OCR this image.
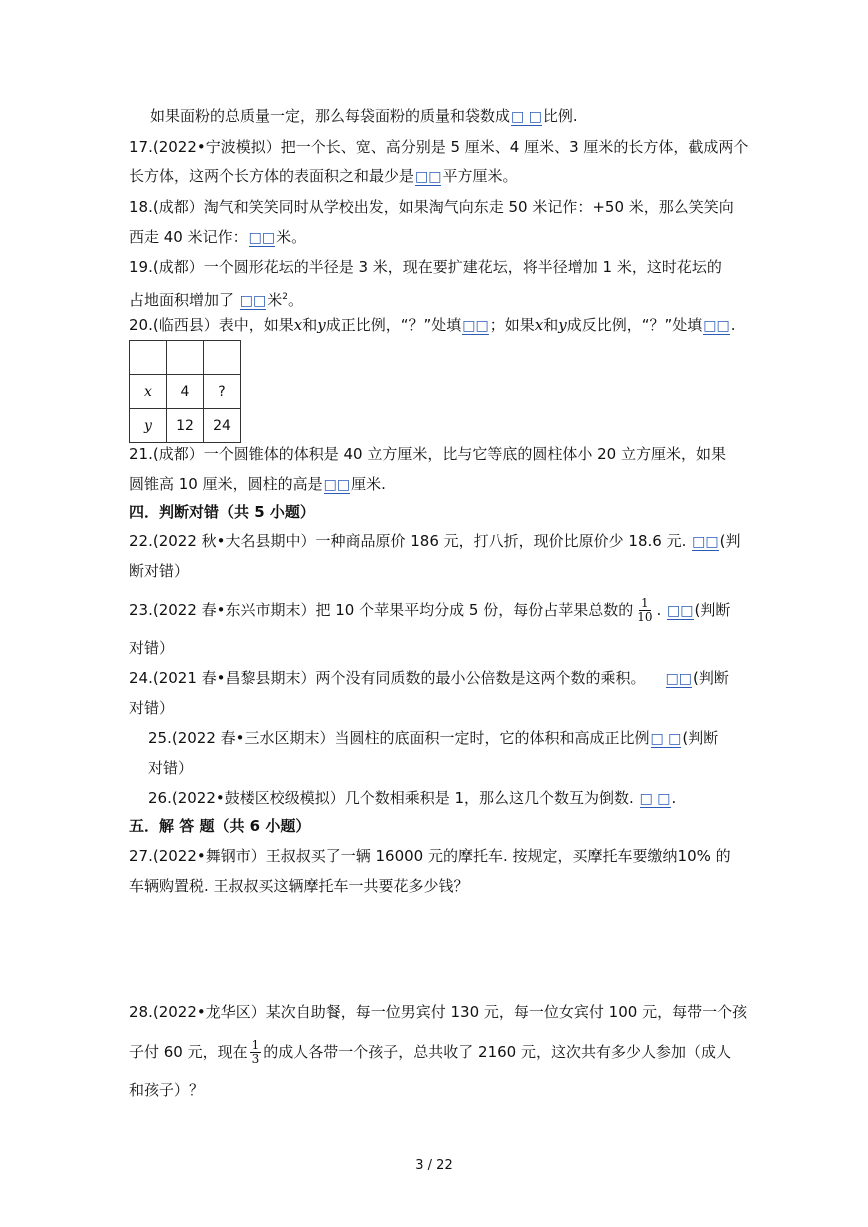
如果面粉的总质量一定，那么每袋面粉的质量和袋数成□ □比例.
17.(2022•宁波模拟）把一个长、宽、高分别是 5 厘米、4 厘米、3 厘米的长方体，截成两个
长方体，这两个长方体的表面积之和最少是□□平方厘米。
18.(成都）淘气和笑笑同时从学校出发，如果淘气向东走 50 米记作：+50 米，那么笑笑向
西走 40 米记作：□□米。
19.(成都）一个圆形花坛的半径是 3 米，现在要扩建花坛，将半径增加 1 米，这时花坛的
占地面积增加了 □□米$^2$。
20.(临西县）表中，如果x和y成正比例，“？”处填□□；如果x和y成反比例，“？”处填□□.

x	4	?
y	12	24
21.(成都）一个圆锥体的体积是 40 立方厘米，比与它等底的圆柱体小 20 立方厘米，如果
圆锥高 10 厘米，圆柱的高是□□厘米.
四．判断对错（共 5 小题）
22.(2022 秋•大名县期中）一种商品原价 186 元，打八折，现价比原价少 18.6 元. □□(判
断对错）
23.(2022 春•东兴市期末）把 10 个苹果平均分成 5 份，每份占苹果总数的 $\frac{1}{10}$ . □□(判断
对错）
24.(2021 春•昌黎县期末）两个没有同质数的最小公倍数是这两个数的乘积。 □□(判断
对错）
25.(2022 春•三水区期末）当圆柱的底面积一定时，它的体积和高成正比例□ □(判断
对错）
26.(2022•鼓楼区校级模拟）几个数相乘积是 1，那么这几个数互为倒数. □ □.
五．解 答 题（共 6 小题）
27.(2022•舞钢市）王叔叔买了一辆 16000 元的摩托车. 按规定，买摩托车要缴纳10% 的
车辆购置税. 王叔叔买这辆摩托车一共要花多少钱？
28.(2022•龙华区）某次自助餐，每一位男宾付 130 元，每一位女宾付 100 元，每带一个孩
子付 60 元，现在 $\frac{1}{3}$ 的成人各带一个孩子，总共收了 2160 元，这次共有多少人参加（成人
和孩子）？
3 / 22
